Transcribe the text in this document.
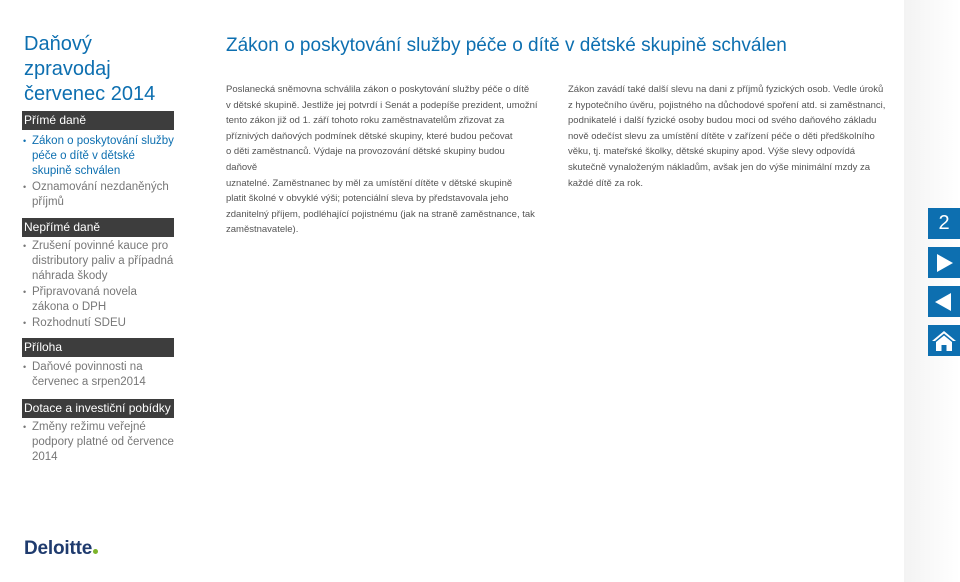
Daňový zpravodaj
červenec 2014
Přímé daně
• Zákon o poskytování služby péče o dítě v dětské skupině schválen
• Oznamování nezdaněných příjmů
Nepřímé daně
• Zrušení povinné kauce pro distributory paliv a případná náhrada škody
• Připravovaná novela zákona o DPH
• Rozhodnutí SDEU
Příloha
• Daňové povinnosti na červenec a srpen2014
Dotace a investiční pobídky
• Změny režimu veřejné podpory platné od července 2014
Deloitte
Zákon o poskytování služby péče o dítě v dětské skupině schválen
Poslanecká sněmovna schválila zákon o poskytování služby péče o dítě
v dětské skupině. Jestliže jej potvrdí i Senát a podepíše prezident, umožní
tento zákon již od 1. září tohoto roku zaměstnavatelům zřizovat za
příznivých daňových podmínek dětské skupiny, které budou pečovat
o děti zaměstnanců. Výdaje na provozování dětské skupiny budou daňově
uznatelné. Zaměstnanec by měl za umístění dítěte v dětské skupině
platit školné v obvyklé výši; potenciální sleva by představovala jeho
zdanitelný příjem, podléhající pojistnému (jak na straně zaměstnance, tak
zaměstnavatele).
Zákon zavádí také další slevu na dani z příjmů fyzických osob. Vedle úroků
z hypotečního úvěru, pojistného na důchodové spoření atd. si zaměstnanci,
podnikatelé i další fyzické osoby budou moci od svého daňového základu
nově odečíst slevu za umístění dítěte v zařízení péče o děti předškolního
věku, tj. mateřské školky, dětské skupiny apod. Výše slevy odpovídá
skutečně vynaloženým nákladům, avšak jen do výše minimální mzdy za
každé dítě za rok.
2
